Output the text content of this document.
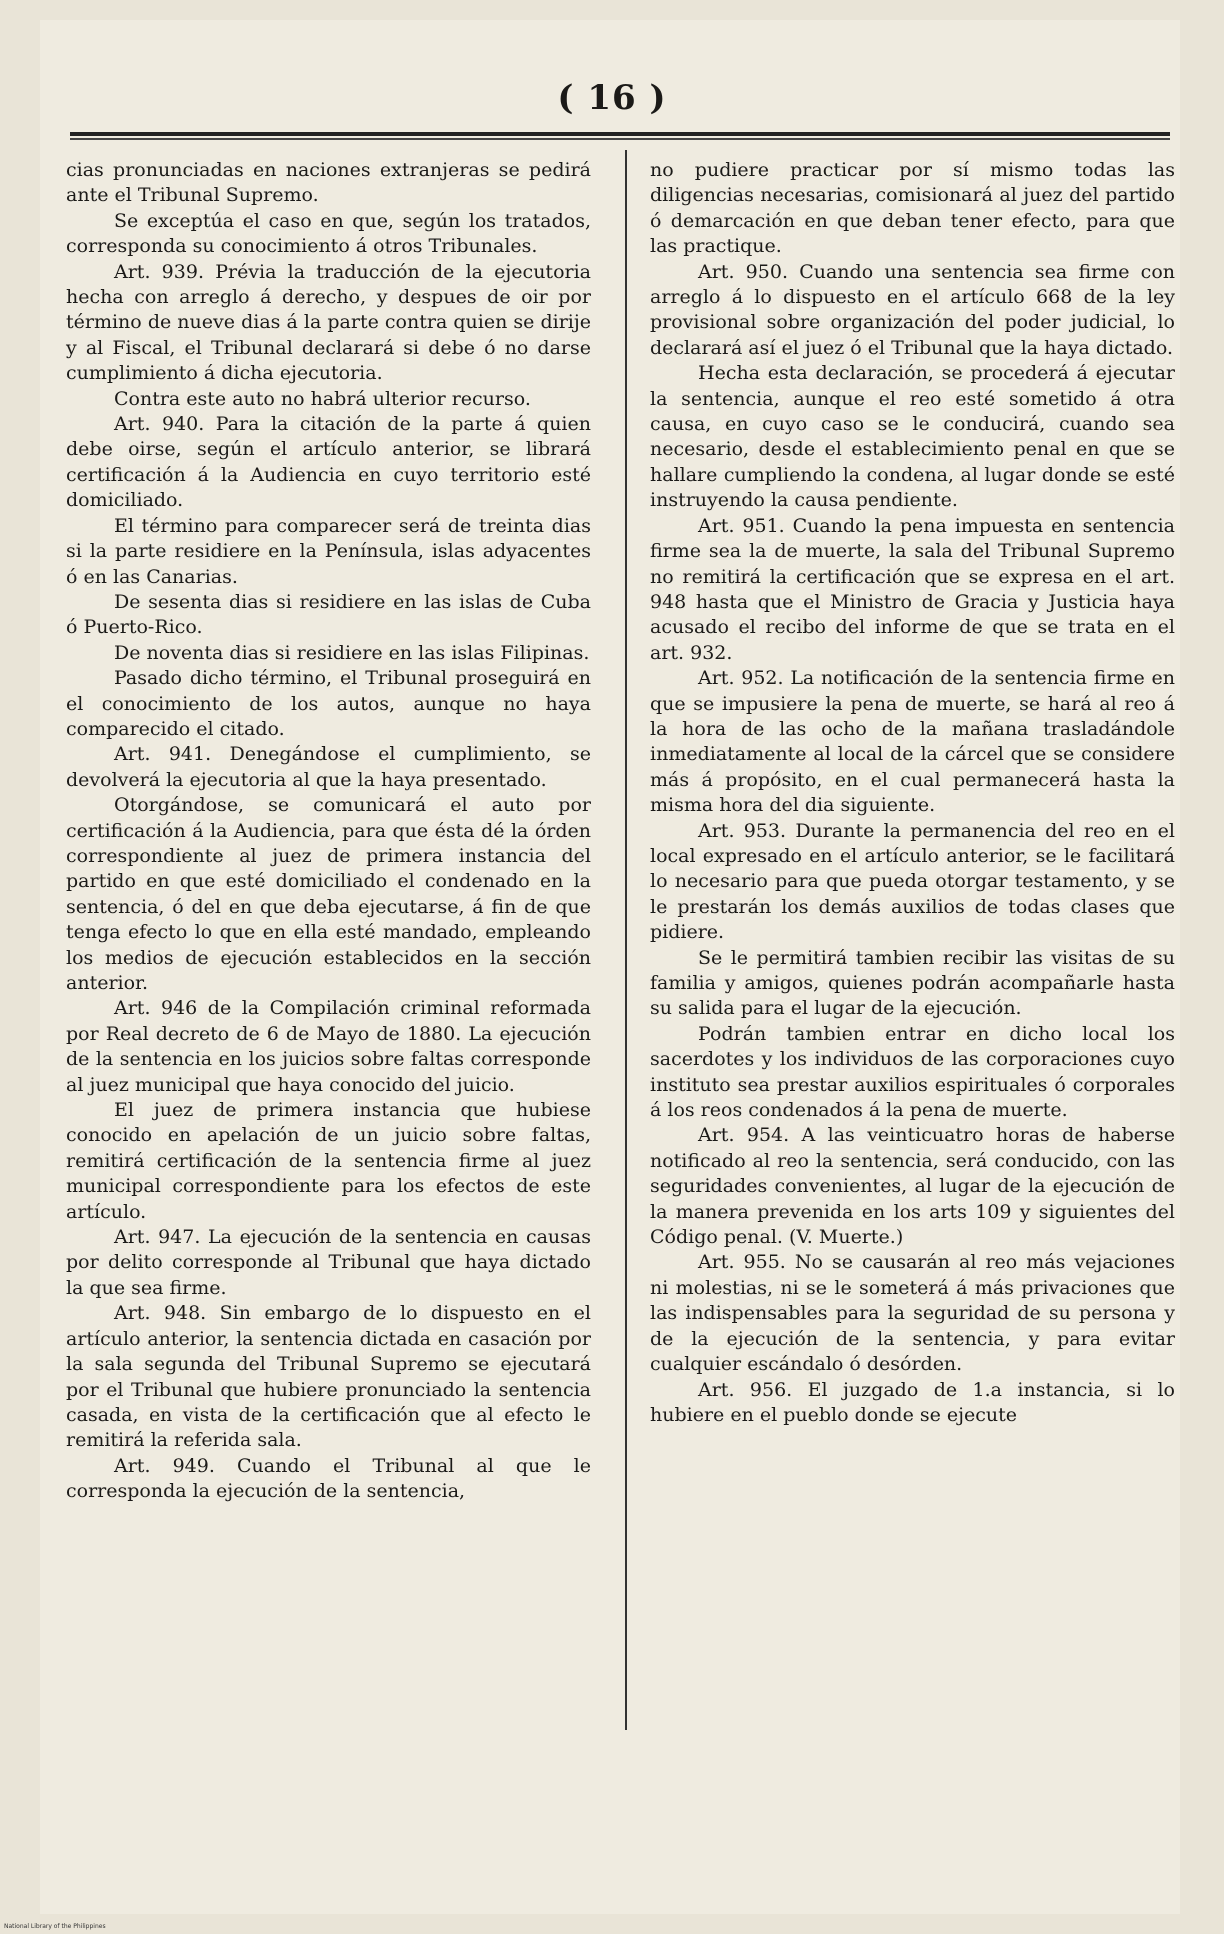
( 16 )

cias pronunciadas en naciones extranjeras se pedirá ante el Tribunal Supremo.

Se exceptúa el caso en que, según los tratados, corresponda su conocimiento á otros Tribunales.

Art. 939. Prévia la traducción de la ejecutoria hecha con arreglo á derecho, y despues de oir por término de nueve dias á la parte contra quien se dirije y al Fiscal, el Tribunal declarará si debe ó no darse cumplimiento á dicha ejecutoria.

Contra este auto no habrá ulterior recurso.

Art. 940. Para la citación de la parte á quien debe oirse, según el artículo anterior, se librará certificación á la Audiencia en cuyo territorio esté domiciliado.

El término para comparecer será de treinta dias si la parte residiere en la Península, islas adyacentes ó en las Canarias.

De sesenta dias si residiere en las islas de Cuba ó Puerto-Rico.

De noventa dias si residiere en las islas Filipinas.

Pasado dicho término, el Tribunal proseguirá en el conocimiento de los autos, aunque no haya comparecido el citado.

Art. 941. Denegándose el cumplimiento, se devolverá la ejecutoria al que la haya presentado.

Otorgándose, se comunicará el auto por certificación á la Audiencia, para que ésta dé la órden correspondiente al juez de primera instancia del partido en que esté domiciliado el condenado en la sentencia, ó del en que deba ejecutarse, á fin de que tenga efecto lo que en ella esté mandado, empleando los medios de ejecución establecidos en la sección anterior.

Art. 946 de la Compilación criminal reformada por Real decreto de 6 de Mayo de 1880. La ejecución de la sentencia en los juicios sobre faltas corresponde al juez municipal que haya conocido del juicio.

El juez de primera instancia que hubiese conocido en apelación de un juicio sobre faltas, remitirá certificación de la sentencia firme al juez municipal correspondiente para los efectos de este artículo.

Art. 947. La ejecución de la sentencia en causas por delito corresponde al Tribunal que haya dictado la que sea firme.

Art. 948. Sin embargo de lo dispuesto en el artículo anterior, la sentencia dictada en casación por la sala segunda del Tribunal Supremo se ejecutará por el Tribunal que hubiere pronunciado la sentencia casada, en vista de la certificación que al efecto le remitirá la referida sala.

Art. 949. Cuando el Tribunal al que le corresponda la ejecución de la sentencia,

no pudiere practicar por sí mismo todas las diligencias necesarias, comisionará al juez del partido ó demarcación en que deban tener efecto, para que las practique.

Art. 950. Cuando una sentencia sea firme con arreglo á lo dispuesto en el artículo 668 de la ley provisional sobre organización del poder judicial, lo declarará así el juez ó el Tribunal que la haya dictado.

Hecha esta declaración, se procederá á ejecutar la sentencia, aunque el reo esté sometido á otra causa, en cuyo caso se le conducirá, cuando sea necesario, desde el establecimiento penal en que se hallare cumpliendo la condena, al lugar donde se esté instruyendo la causa pendiente.

Art. 951. Cuando la pena impuesta en sentencia firme sea la de muerte, la sala del Tribunal Supremo no remitirá la certificación que se expresa en el art. 948 hasta que el Ministro de Gracia y Justicia haya acusado el recibo del informe de que se trata en el art. 932.

Art. 952. La notificación de la sentencia firme en que se impusiere la pena de muerte, se hará al reo á la hora de las ocho de la mañana trasladándole inmediatamente al local de la cárcel que se considere más á propósito, en el cual permanecerá hasta la misma hora del dia siguiente.

Art. 953. Durante la permanencia del reo en el local expresado en el artículo anterior, se le facilitará lo necesario para que pueda otorgar testamento, y se le prestarán los demás auxilios de todas clases que pidiere.

Se le permitirá tambien recibir las visitas de su familia y amigos, quienes podrán acompañarle hasta su salida para el lugar de la ejecución.

Podrán tambien entrar en dicho local los sacerdotes y los individuos de las corporaciones cuyo instituto sea prestar auxilios espirituales ó corporales á los reos condenados á la pena de muerte.

Art. 954. A las veinticuatro horas de haberse notificado al reo la sentencia, será conducido, con las seguridades convenientes, al lugar de la ejecución de la manera prevenida en los arts 109 y siguientes del Código penal. (V. Muerte.)

Art. 955. No se causarán al reo más vejaciones ni molestias, ni se le someterá á más privaciones que las indispensables para la seguridad de su persona y de la ejecución de la sentencia, y para evitar cualquier escándalo ó desórden.

Art. 956. El juzgado de 1.a instancia, si lo hubiere en el pueblo donde se ejecute

National Library of the Philippines
